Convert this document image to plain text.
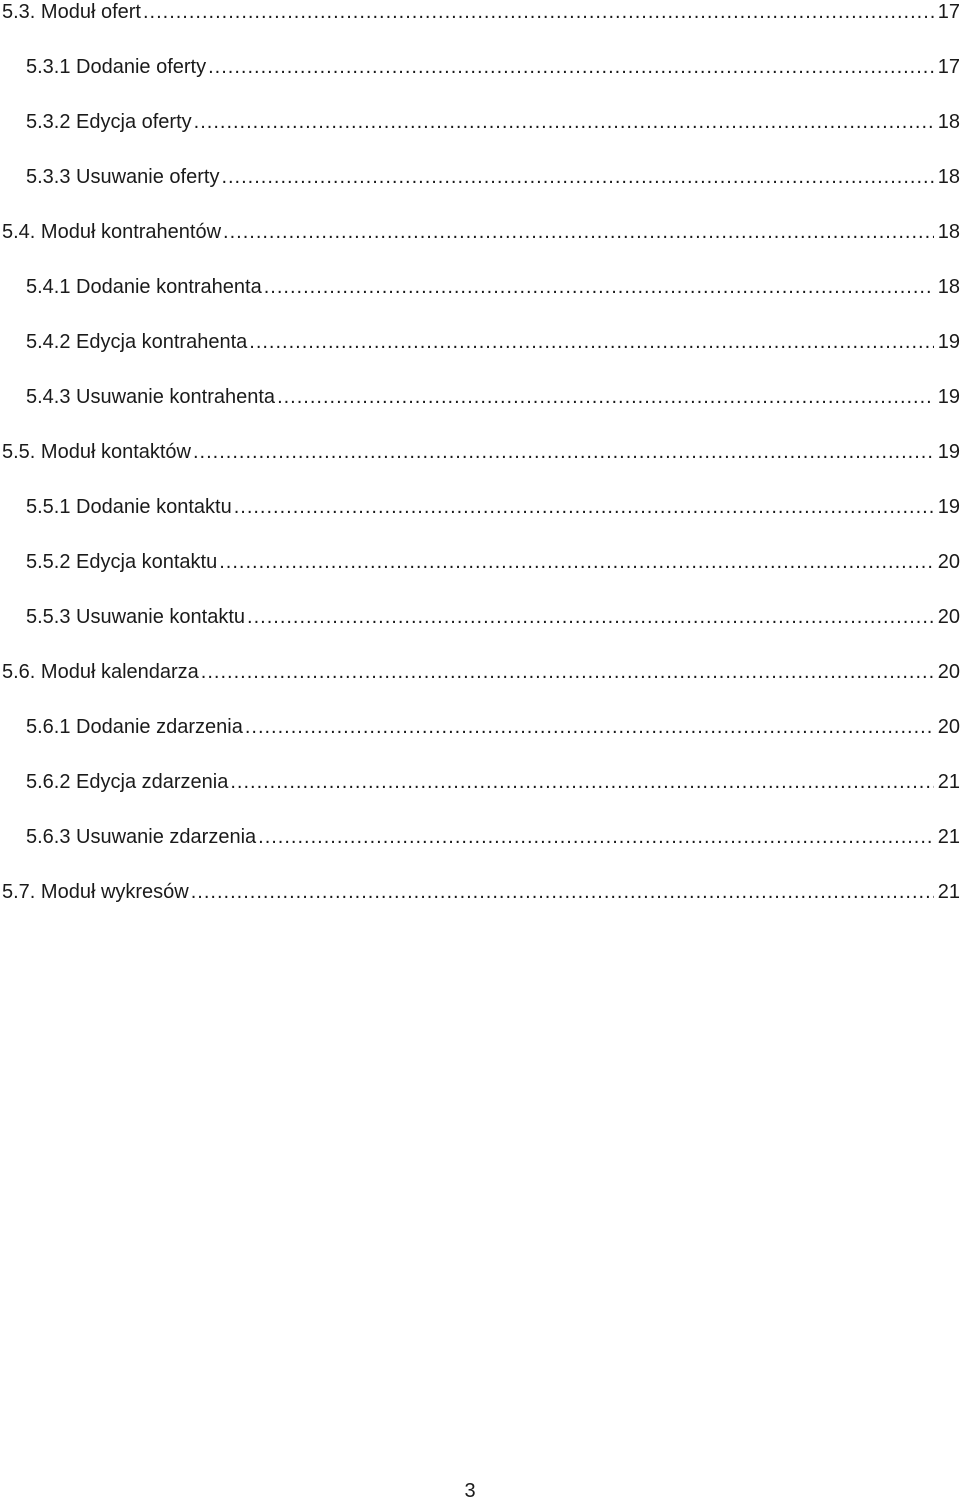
5.3. Moduł ofert .....	17
5.3.1 Dodanie oferty .....	17
5.3.2 Edycja oferty .....	18
5.3.3 Usuwanie oferty .....	18
5.4. Moduł kontrahentów .....	18
5.4.1 Dodanie kontrahenta .....	18
5.4.2 Edycja kontrahenta .....	19
5.4.3 Usuwanie kontrahenta .....	19
5.5. Moduł kontaktów .....	19
5.5.1 Dodanie kontaktu .....	19
5.5.2 Edycja kontaktu .....	20
5.5.3 Usuwanie kontaktu .....	20
5.6. Moduł kalendarza .....	20
5.6.1 Dodanie zdarzenia .....	20
5.6.2 Edycja zdarzenia .....	21
5.6.3 Usuwanie zdarzenia .....	21
5.7. Moduł wykresów .....	21
3
